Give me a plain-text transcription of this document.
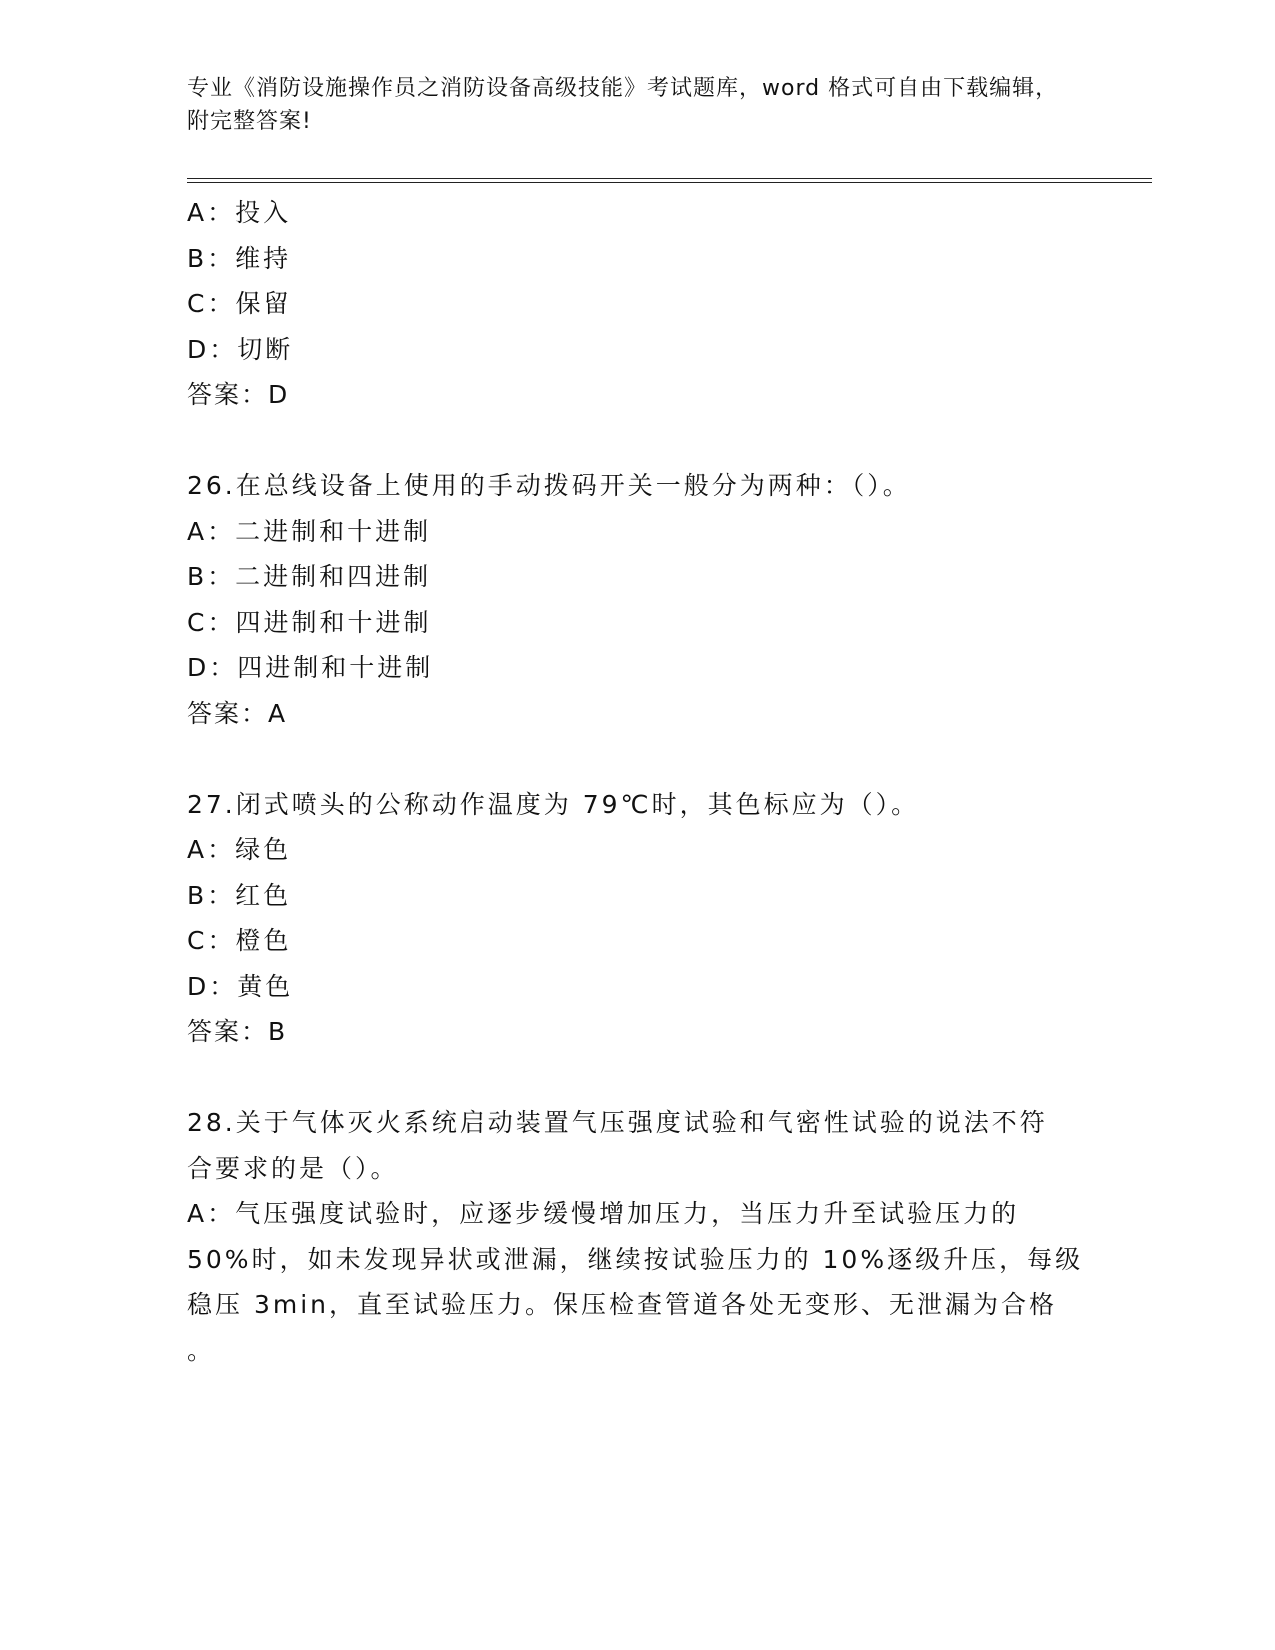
专业《消防设施操作员之消防设备高级技能》考试题库，word 格式可自由下载编辑，附完整答案!
A：投入
B：维持
C：保留
D：切断
答案：D
26.在总线设备上使用的手动拨码开关一般分为两种：（）。
A：二进制和十进制
B：二进制和四进制
C：四进制和十进制
D：四进制和十进制
答案：A
27.闭式喷头的公称动作温度为 79℃时，其色标应为（）。
A：绿色
B：红色
C：橙色
D：黄色
答案：B
28.关于气体灭火系统启动装置气压强度试验和气密性试验的说法不符
合要求的是（）。
A：气压强度试验时，应逐步缓慢增加压力，当压力升至试验压力的
50%时，如未发现异状或泄漏，继续按试验压力的 10%逐级升压，每级
稳压 3min，直至试验压力。保压检查管道各处无变形、无泄漏为合格
。
